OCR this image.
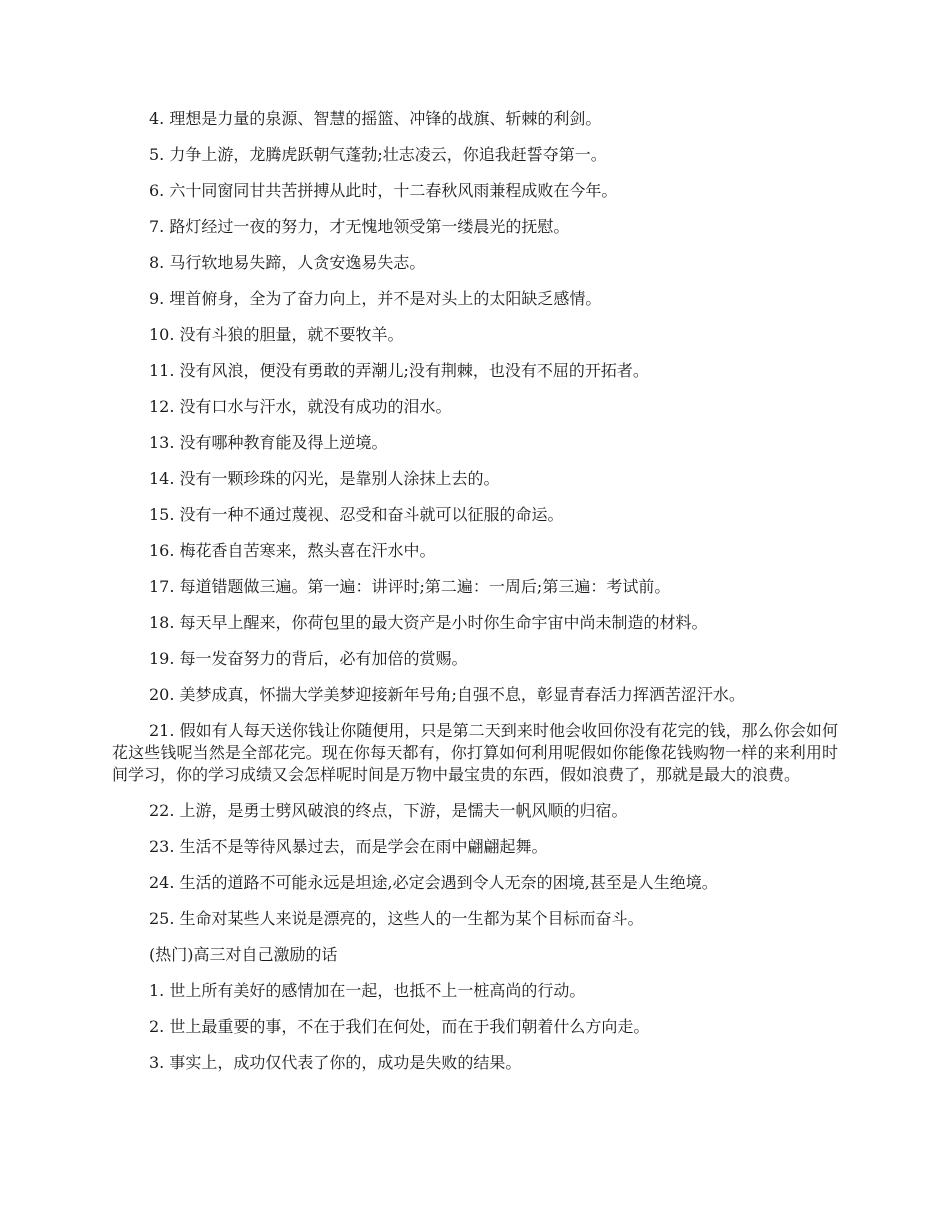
4. 理想是力量的泉源、智慧的摇篮、冲锋的战旗、斩棘的利剑。

5. 力争上游，龙腾虎跃朝气蓬勃;壮志凌云，你追我赶誓夺第一。

6. 六十同窗同甘共苦拼搏从此时，十二春秋风雨兼程成败在今年。

7. 路灯经过一夜的努力，才无愧地领受第一缕晨光的抚慰。

8. 马行软地易失蹄，人贪安逸易失志。

9. 埋首俯身，全为了奋力向上，并不是对头上的太阳缺乏感情。

10. 没有斗狼的胆量，就不要牧羊。

11. 没有风浪，便没有勇敢的弄潮儿;没有荆棘，也没有不屈的开拓者。

12. 没有口水与汗水，就没有成功的泪水。

13. 没有哪种教育能及得上逆境。

14. 没有一颗珍珠的闪光，是靠别人涂抹上去的。

15. 没有一种不通过蔑视、忍受和奋斗就可以征服的命运。

16. 梅花香自苦寒来，熬头喜在汗水中。

17. 每道错题做三遍。第一遍：讲评时;第二遍：一周后;第三遍：考试前。

18. 每天早上醒来，你荷包里的最大资产是小时你生命宇宙中尚未制造的材料。

19. 每一发奋努力的背后，必有加倍的赏赐。

20. 美梦成真，怀揣大学美梦迎接新年号角;自强不息，彰显青春活力挥洒苦涩汗水。

21. 假如有人每天送你钱让你随便用，只是第二天到来时他会收回你没有花完的钱，那么你会如何花这些钱呢当然是全部花完。现在你每天都有，你打算如何利用呢假如你能像花钱购物一样的来利用时间学习，你的学习成绩又会怎样呢时间是万物中最宝贵的东西，假如浪费了，那就是最大的浪费。

22. 上游，是勇士劈风破浪的终点，下游，是懦夫一帆风顺的归宿。

23. 生活不是等待风暴过去，而是学会在雨中翩翩起舞。

24. 生活的道路不可能永远是坦途,必定会遇到令人无奈的困境,甚至是人生绝境。

25. 生命对某些人来说是漂亮的，这些人的一生都为某个目标而奋斗。

(热门)高三对自己激励的话

1. 世上所有美好的感情加在一起，也抵不上一桩高尚的行动。

2. 世上最重要的事，不在于我们在何处，而在于我们朝着什么方向走。

3. 事实上，成功仅代表了你的，成功是失败的结果。
